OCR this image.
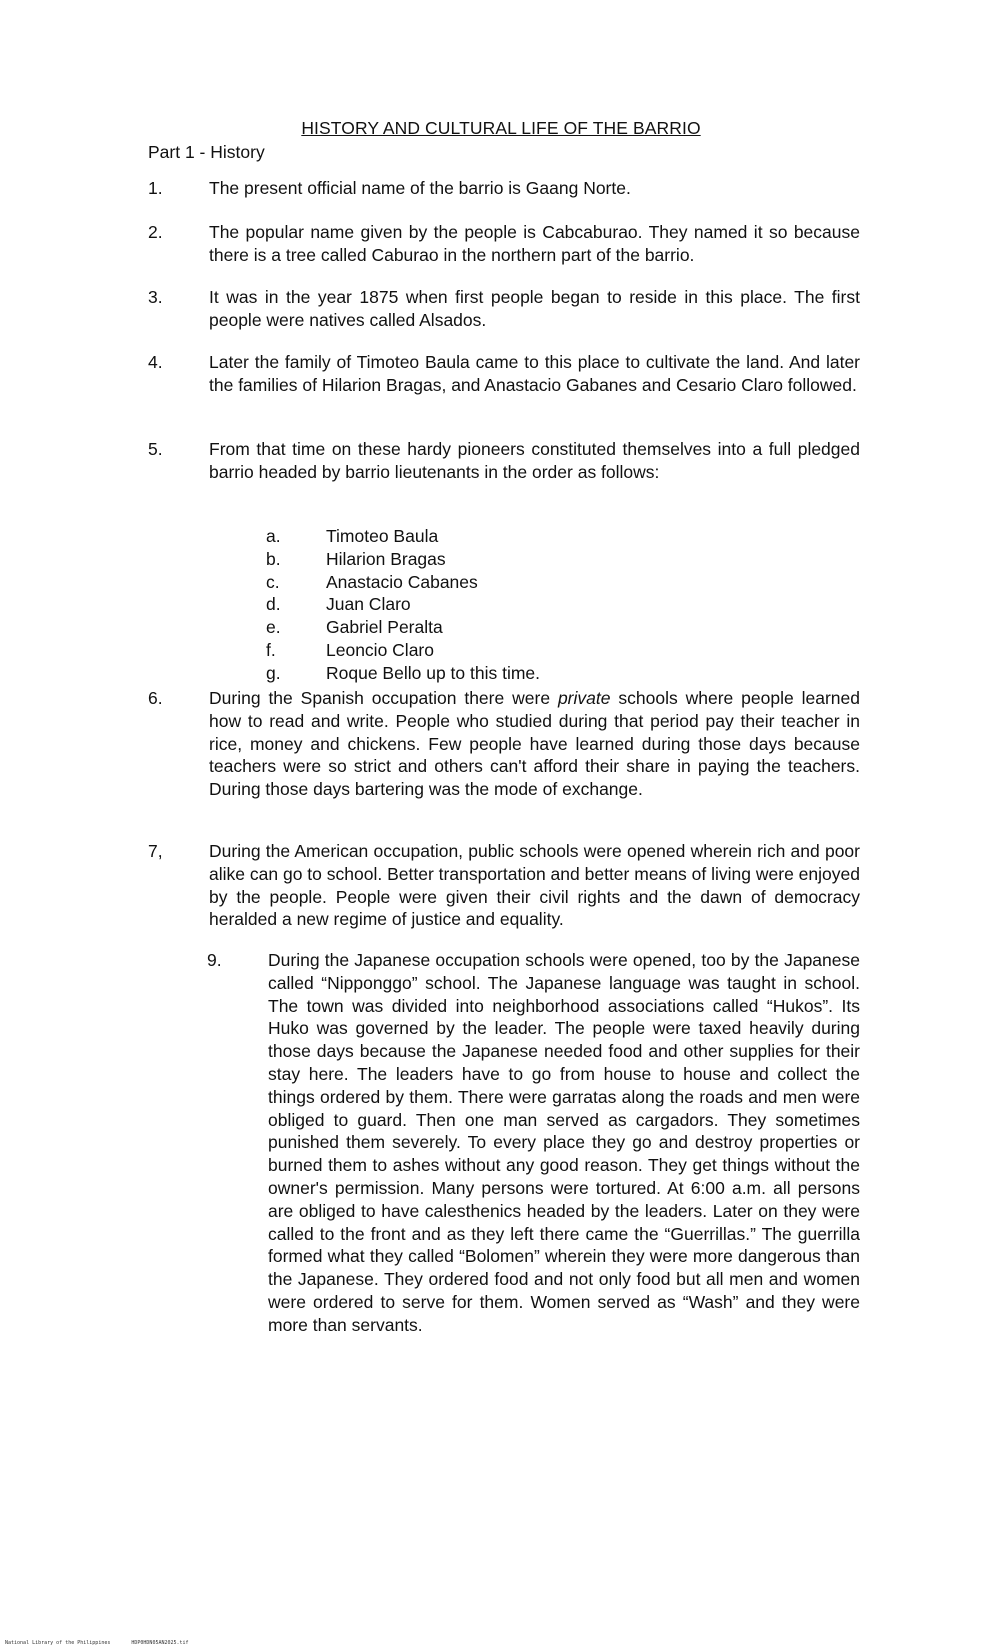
HISTORY AND CULTURAL LIFE OF THE BARRIO
Part 1 - History
1.	The present official name of the barrio is Gaang Norte.
2.	The popular name given by the people is Cabcaburao. They named it so because there is a tree called Caburao in the northern part of the barrio.
3.	It was in the year 1875 when first people began to reside in this place. The first people were natives called Alsados.
4.	Later the family of Timoteo Baula came to this place to cultivate the land. And later the families of Hilarion Bragas, and Anastacio Gabanes and Cesario Claro followed.
5.	From that time on these hardy pioneers constituted themselves into a full pledged barrio headed by barrio lieutenants in the order as follows:
a.	Timoteo Baula
b.	Hilarion Bragas
c.	Anastacio Cabanes
d.	Juan Claro
e.	Gabriel Peralta
f.	Leoncio Claro
g.	Roque Bello up to this time.
6.	During the Spanish occupation there were private schools where people learned how to read and write. People who studied during that period pay their teacher in rice, money and chickens. Few people have learned during those days because teachers were so strict and others can't afford their share in paying the teachers. During those days bartering was the mode of exchange.
7,	During the American occupation, public schools were opened wherein rich and poor alike can go to school. Better transportation and better means of living were enjoyed by the people. People were given their civil rights and the dawn of democracy heralded a new regime of justice and equality.
9.	During the Japanese occupation schools were opened, too by the Japanese called “Nipponggo” school. The Japanese language was taught in school. The town was divided into neighborhood associations called “Hukos”. Its Huko was governed by the leader. The people were taxed heavily during those days because the Japanese needed food and other supplies for their stay here. The leaders have to go from house to house and collect the things ordered by them. There were garratas along the roads and men were obliged to guard. Then one man served as cargadors. They sometimes punished them severely. To every place they go and destroy properties or burned them to ashes without any good reason. They get things without the owner's permission. Many persons were tortured. At 6:00 a.m. all persons are obliged to have calesthenics headed by the leaders. Later on they were called to the front and as they left there came the “Guerrillas.” The guerrilla formed what they called “Bolomen” wherein they were more dangerous than the Japanese. They ordered food and not only food but all men and women were ordered to serve for them. Women served as “Wash” and they were more than servants.
National Library of the Philippines	HDP0HDN05AN2025.tif
